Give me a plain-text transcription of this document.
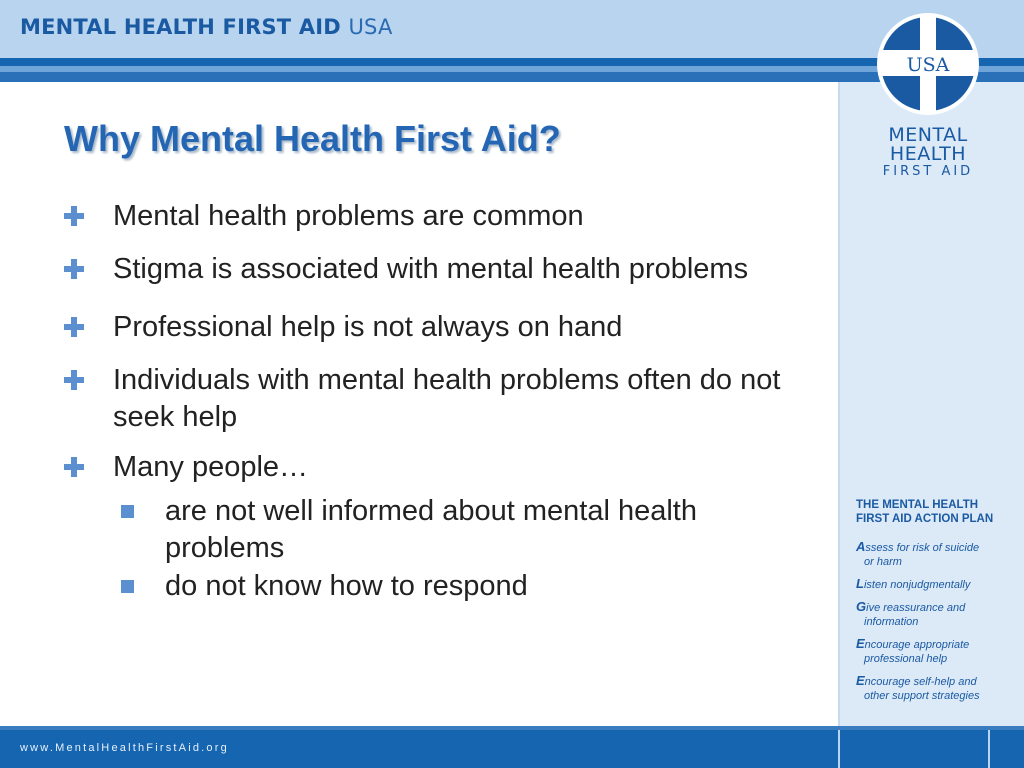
MENTAL HEALTH FIRST AID USA
USA
MENTAL
HEALTH
FIRST AID
Why Mental Health First Aid?
Mental health problems are common
Stigma is associated with mental health problems
Professional help is not always on hand
Individuals with mental health problems often do not seek help
Many people…
are not well informed about mental health problems
do not know how to respond
THE MENTAL HEALTH FIRST AID ACTION PLAN
Assess for risk of suicide
or harm
Listen nonjudgmentally
Give reassurance and
information
Encourage appropriate
professional help
Encourage self-help and
other support strategies
www.MentalHealthFirstAid.org
